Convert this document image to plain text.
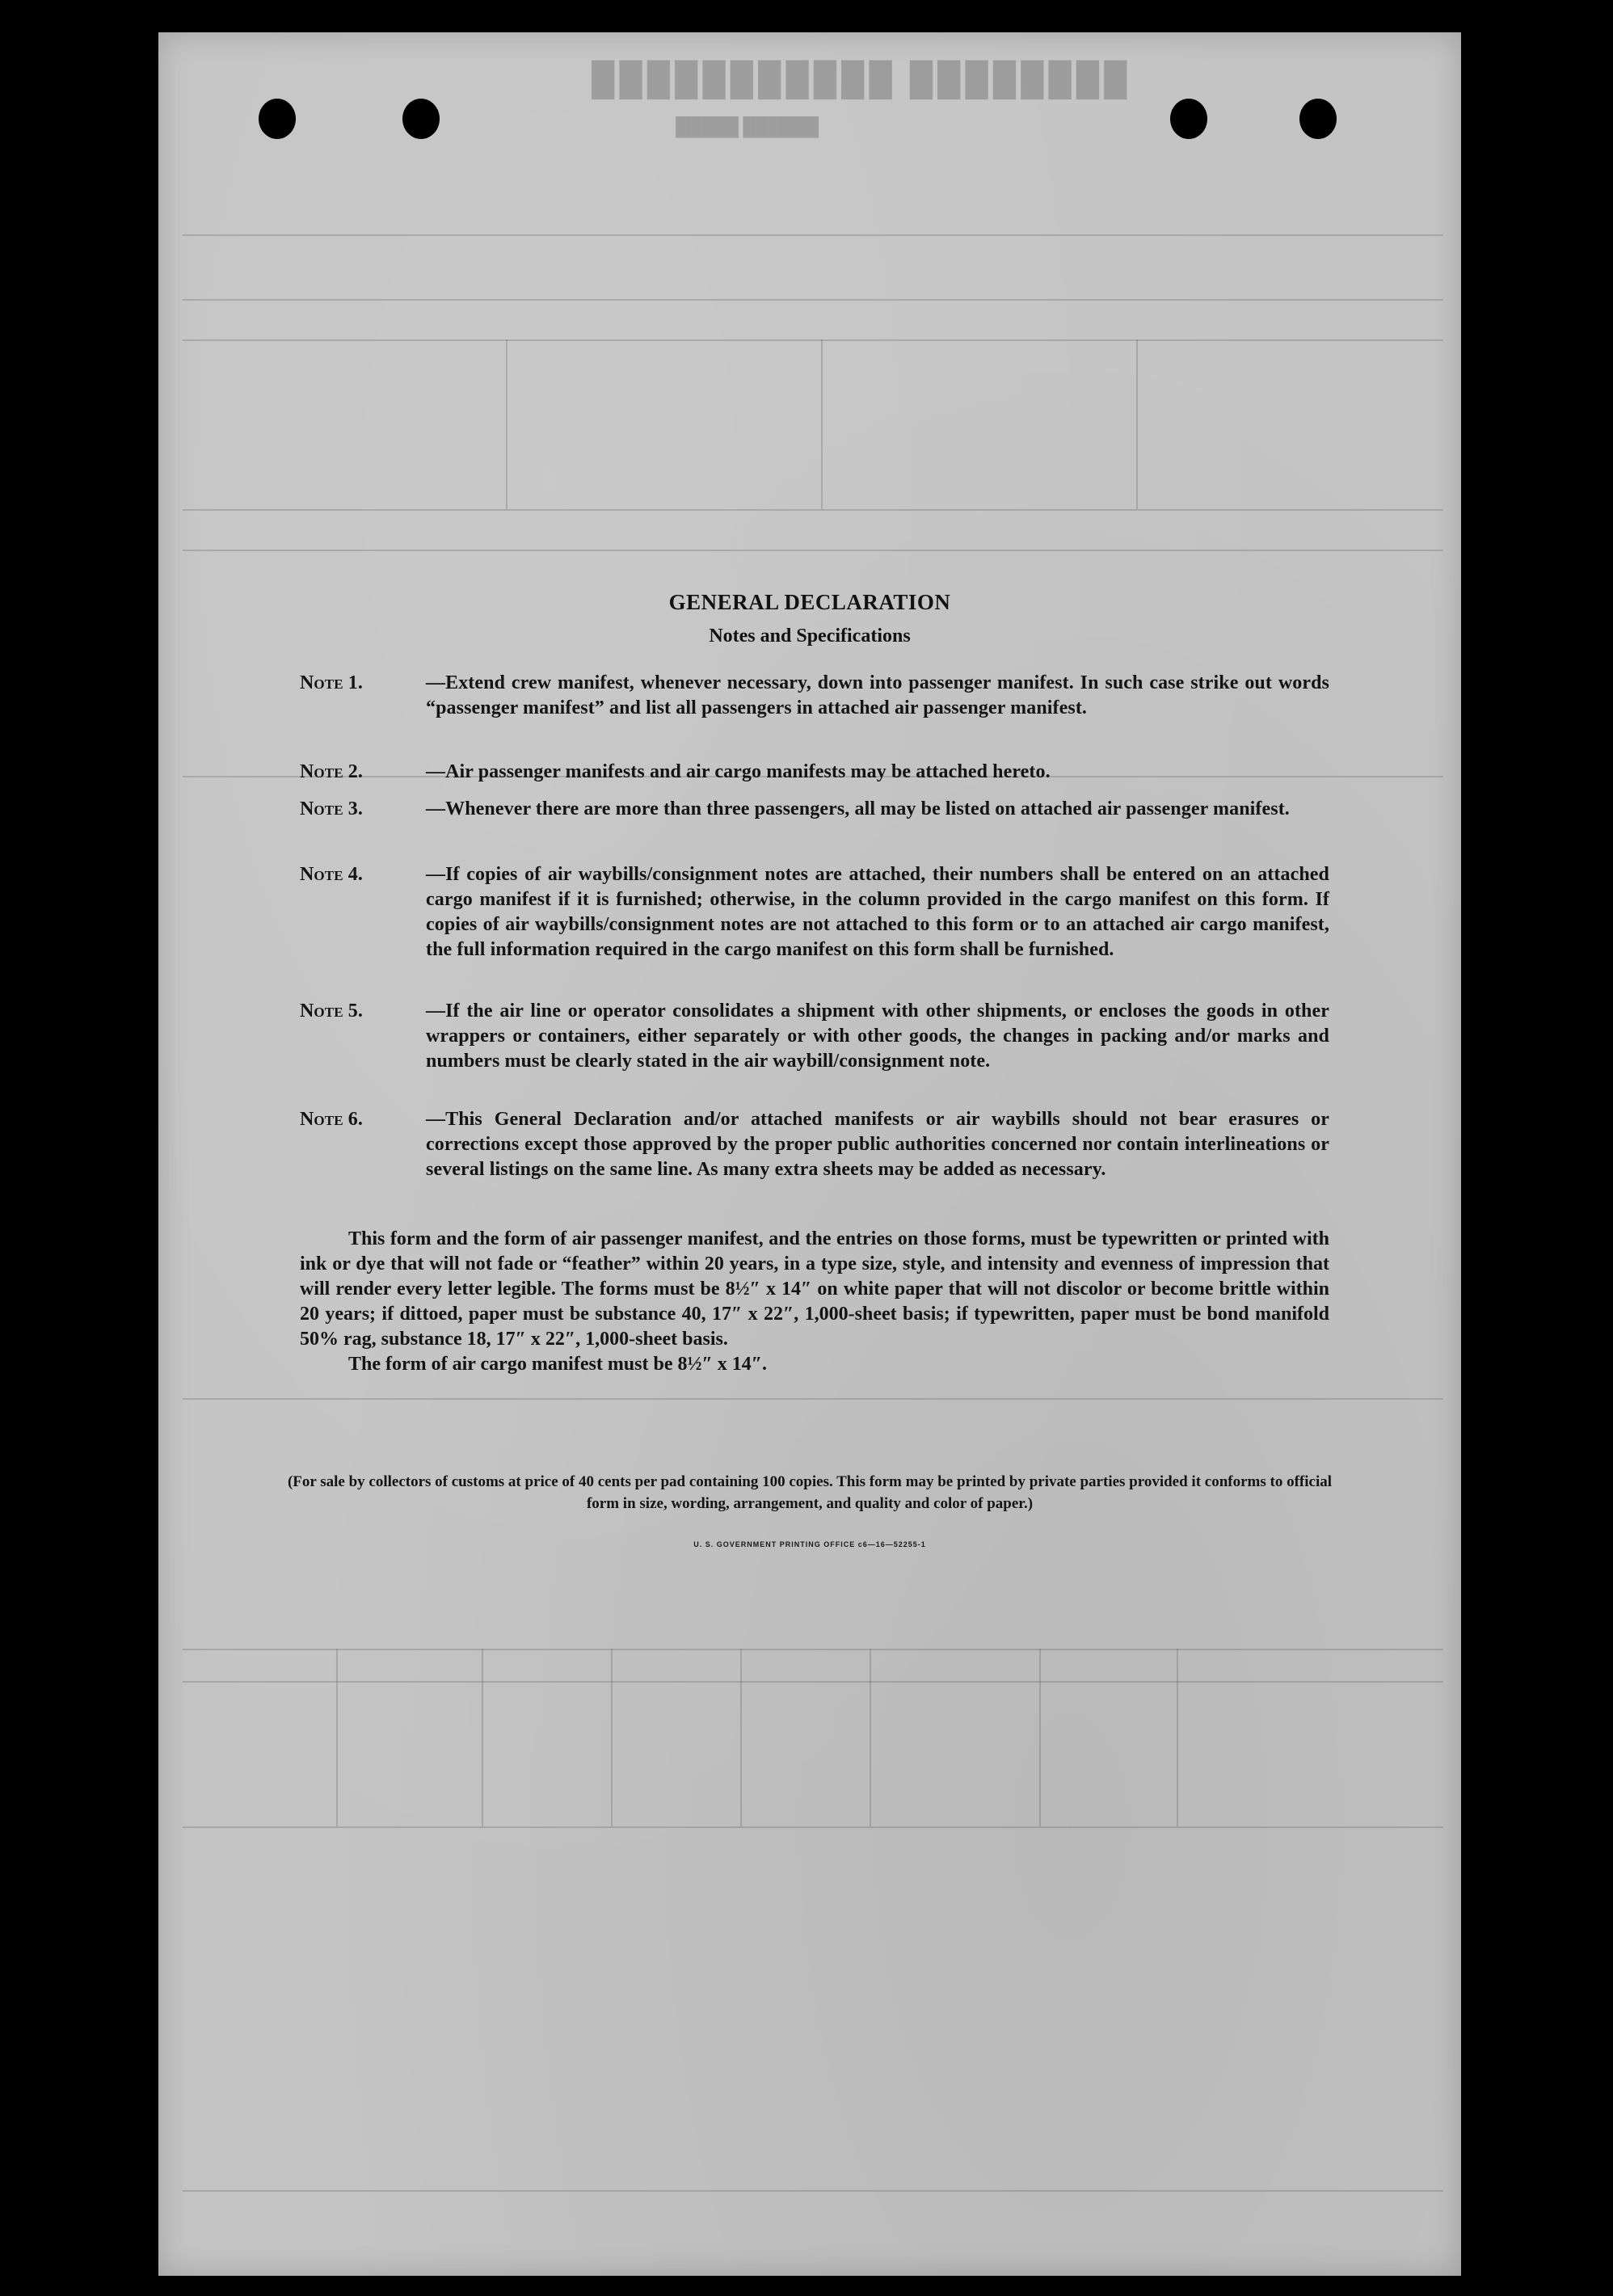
████████ ███████████
██████ █████
GENERAL DECLARATION
Notes and Specifications
Note 1.	—Extend crew manifest, whenever necessary, down into passenger manifest. In such case strike out words “passenger manifest” and list all passengers in attached air passenger manifest.
Note 2.	—Air passenger manifests and air cargo manifests may be attached hereto.
Note 3.	—Whenever there are more than three passengers, all may be listed on attached air passenger manifest.
Note 4.	—If copies of air waybills/consignment notes are attached, their numbers shall be entered on an attached cargo manifest if it is furnished; otherwise, in the column provided in the cargo manifest on this form. If copies of air waybills/consignment notes are not attached to this form or to an attached air cargo manifest, the full information required in the cargo manifest on this form shall be furnished.
Note 5.	—If the air line or operator consolidates a shipment with other shipments, or encloses the goods in other wrappers or containers, either separately or with other goods, the changes in packing and/or marks and numbers must be clearly stated in the air waybill/consignment note.
Note 6.	—This General Declaration and/or attached manifests or air waybills should not bear erasures or corrections except those approved by the proper public authorities concerned nor contain interlineations or several listings on the same line. As many extra sheets may be added as necessary.

This form and the form of air passenger manifest, and the entries on those forms, must be typewritten or printed with ink or dye that will not fade or “feather” within 20 years, in a type size, style, and intensity and evenness of impression that will render every letter legible. The forms must be 8½″ x 14″ on white paper that will not discolor or become brittle within 20 years; if dittoed, paper must be substance 40, 17″ x 22″, 1,000-sheet basis; if typewritten, paper must be bond manifold 50% rag, substance 18, 17″ x 22″, 1,000-sheet basis.

The form of air cargo manifest must be 8½″ x 14″.

(For sale by collectors of customs at price of 40 cents per pad containing 100 copies. This form may be printed by private parties provided it conforms to official form in size, wording, arrangement, and quality and color of paper.)
U. S. GOVERNMENT PRINTING OFFICE c6—16—52255-1
